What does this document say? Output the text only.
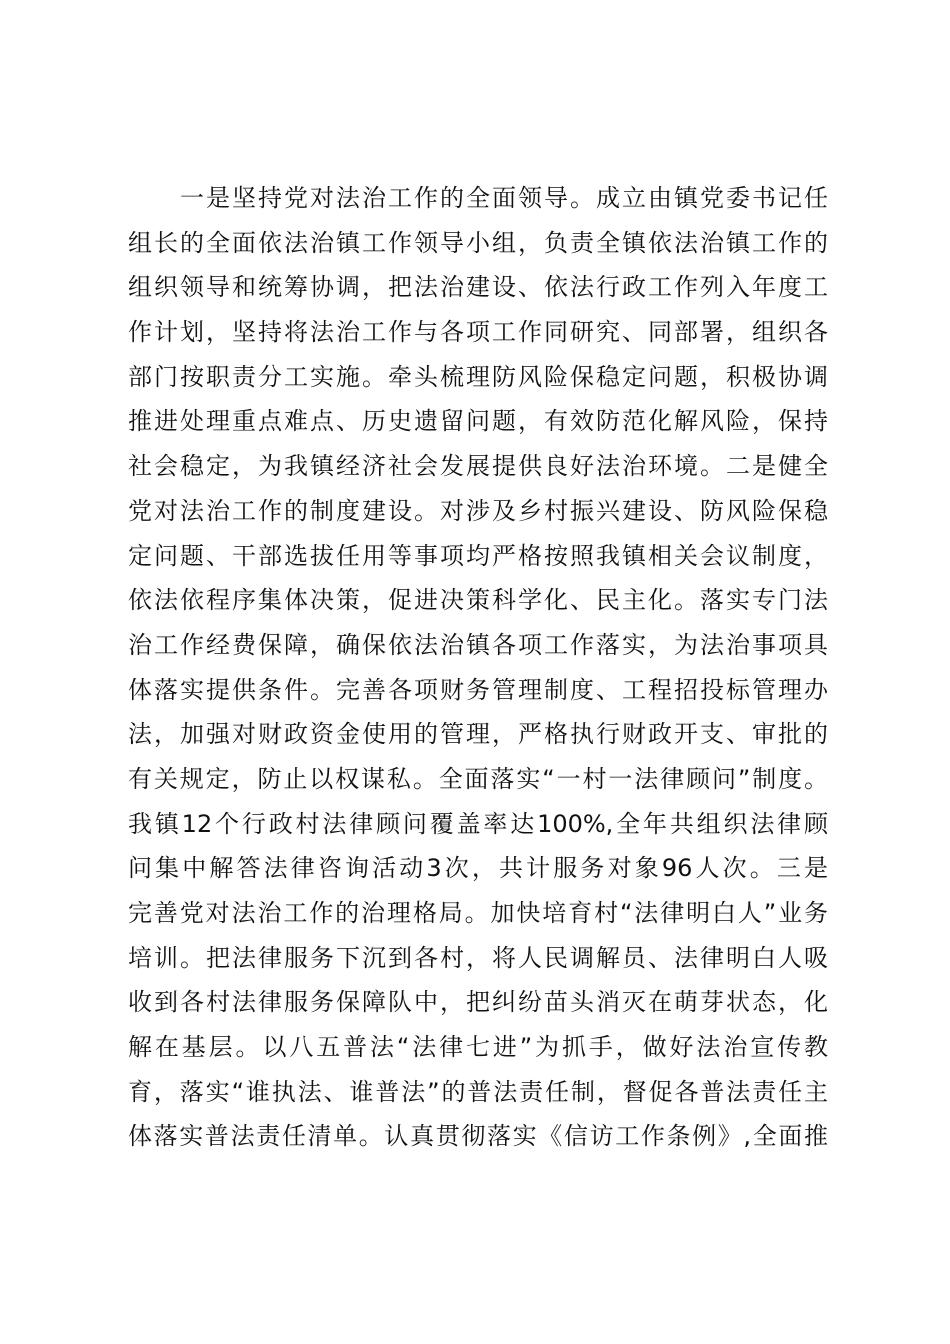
　　一是坚持党对法治工作的全面领导。成立由镇党委书记任
组长的全面依法治镇工作领导小组，负责全镇依法治镇工作的
组织领导和统筹协调，把法治建设、依法行政工作列入年度工
作计划，坚持将法治工作与各项工作同研究、同部署，组织各
部门按职责分工实施。牵头梳理防风险保稳定问题，积极协调
推进处理重点难点、历史遗留问题，有效防范化解风险，保持
社会稳定，为我镇经济社会发展提供良好法治环境。二是健全
党对法治工作的制度建设。对涉及乡村振兴建设、防风险保稳
定问题、干部选拔任用等事项均严格按照我镇相关会议制度，
依法依程序集体决策，促进决策科学化、民主化。落实专门法
治工作经费保障，确保依法治镇各项工作落实，为法治事项具
体落实提供条件。完善各项财务管理制度、工程招投标管理办
法，加强对财政资金使用的管理，严格执行财政开支、审批的
有关规定，防止以权谋私。全面落实“一村一法律顾问”制度。
我镇12个行政村法律顾问覆盖率达100%,全年共组织法律顾
问集中解答法律咨询活动3次，共计服务对象96人次。三是
完善党对法治工作的治理格局。加快培育村“法律明白人”业务
培训。把法律服务下沉到各村，将人民调解员、法律明白人吸
收到各村法律服务保障队中，把纠纷苗头消灭在萌芽状态，化
解在基层。以八五普法“法律七进”为抓手，做好法治宣传教
育，落实“谁执法、谁普法”的普法责任制，督促各普法责任主
体落实普法责任清单。认真贯彻落实《信访工作条例》,全面推
